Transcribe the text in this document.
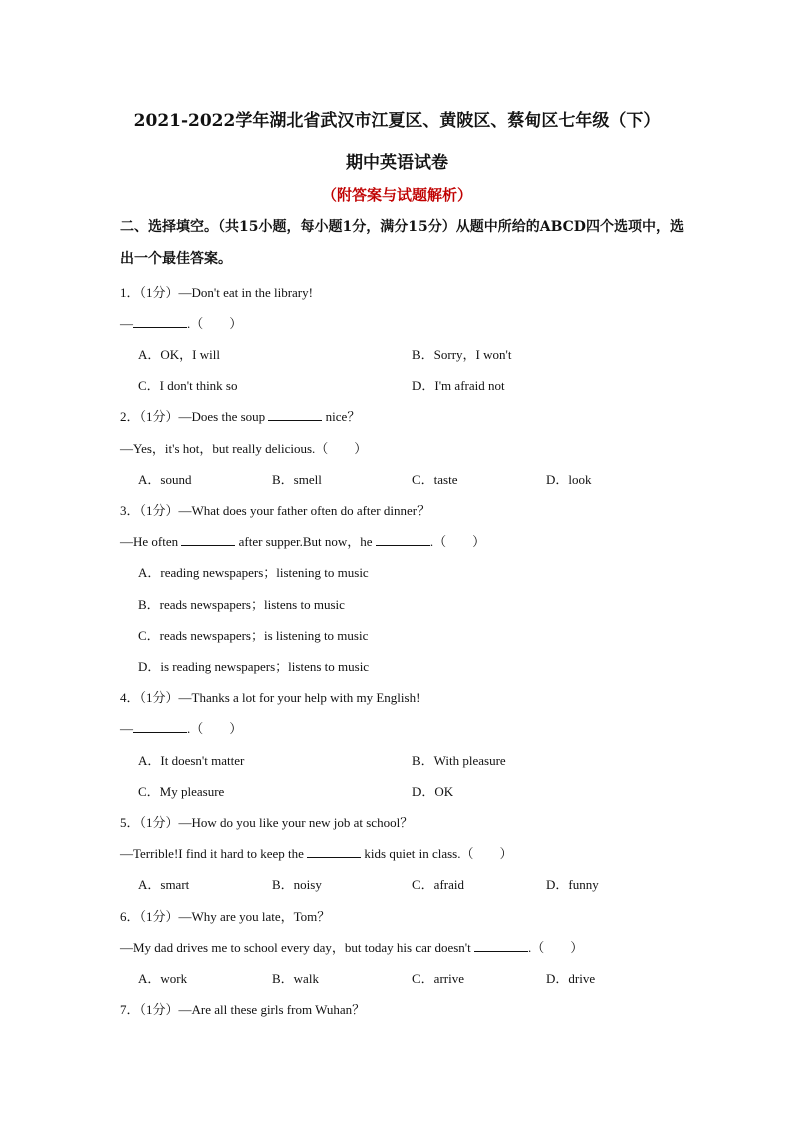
2021-2022学年湖北省武汉市江夏区、黄陂区、蔡甸区七年级（下）
期中英语试卷
（附答案与试题解析）
二、选择填空。（共15小题，每小题1分，满分15分）从题中所给的ABCD四个选项中，选出一个最佳答案。
1．（1分）—Don't eat in the library!
—	.（　　）
A．OK，I will	B．Sorry，I won't
C．I don't think so	D．I'm afraid not
2．（1分）—Does the soup	nice？
—Yes，it's hot，but really delicious.（　　）
A．sound	B．smell	C．taste	D．look
3．（1分）—What does your father often do after dinner？
—He often	after supper.But now，he	.（　　）
A．reading newspapers；listening to music
B．reads newspapers；listens to music
C．reads newspapers；is listening to music
D．is reading newspapers；listens to music
4．（1分）—Thanks a lot for your help with my English!
—	.（　　）
A．It doesn't matter	B．With pleasure
C．My pleasure	D．OK
5．（1分）—How do you like your new job at school？
—Terrible!I find it hard to keep the	kids quiet in class.（　　）
A．smart	B．noisy	C．afraid	D．funny
6．（1分）—Why are you late，Tom？
—My dad drives me to school every day，but today his car doesn't	.（　　）
A．work	B．walk	C．arrive	D．drive
7．（1分）—Are all these girls from Wuhan？
